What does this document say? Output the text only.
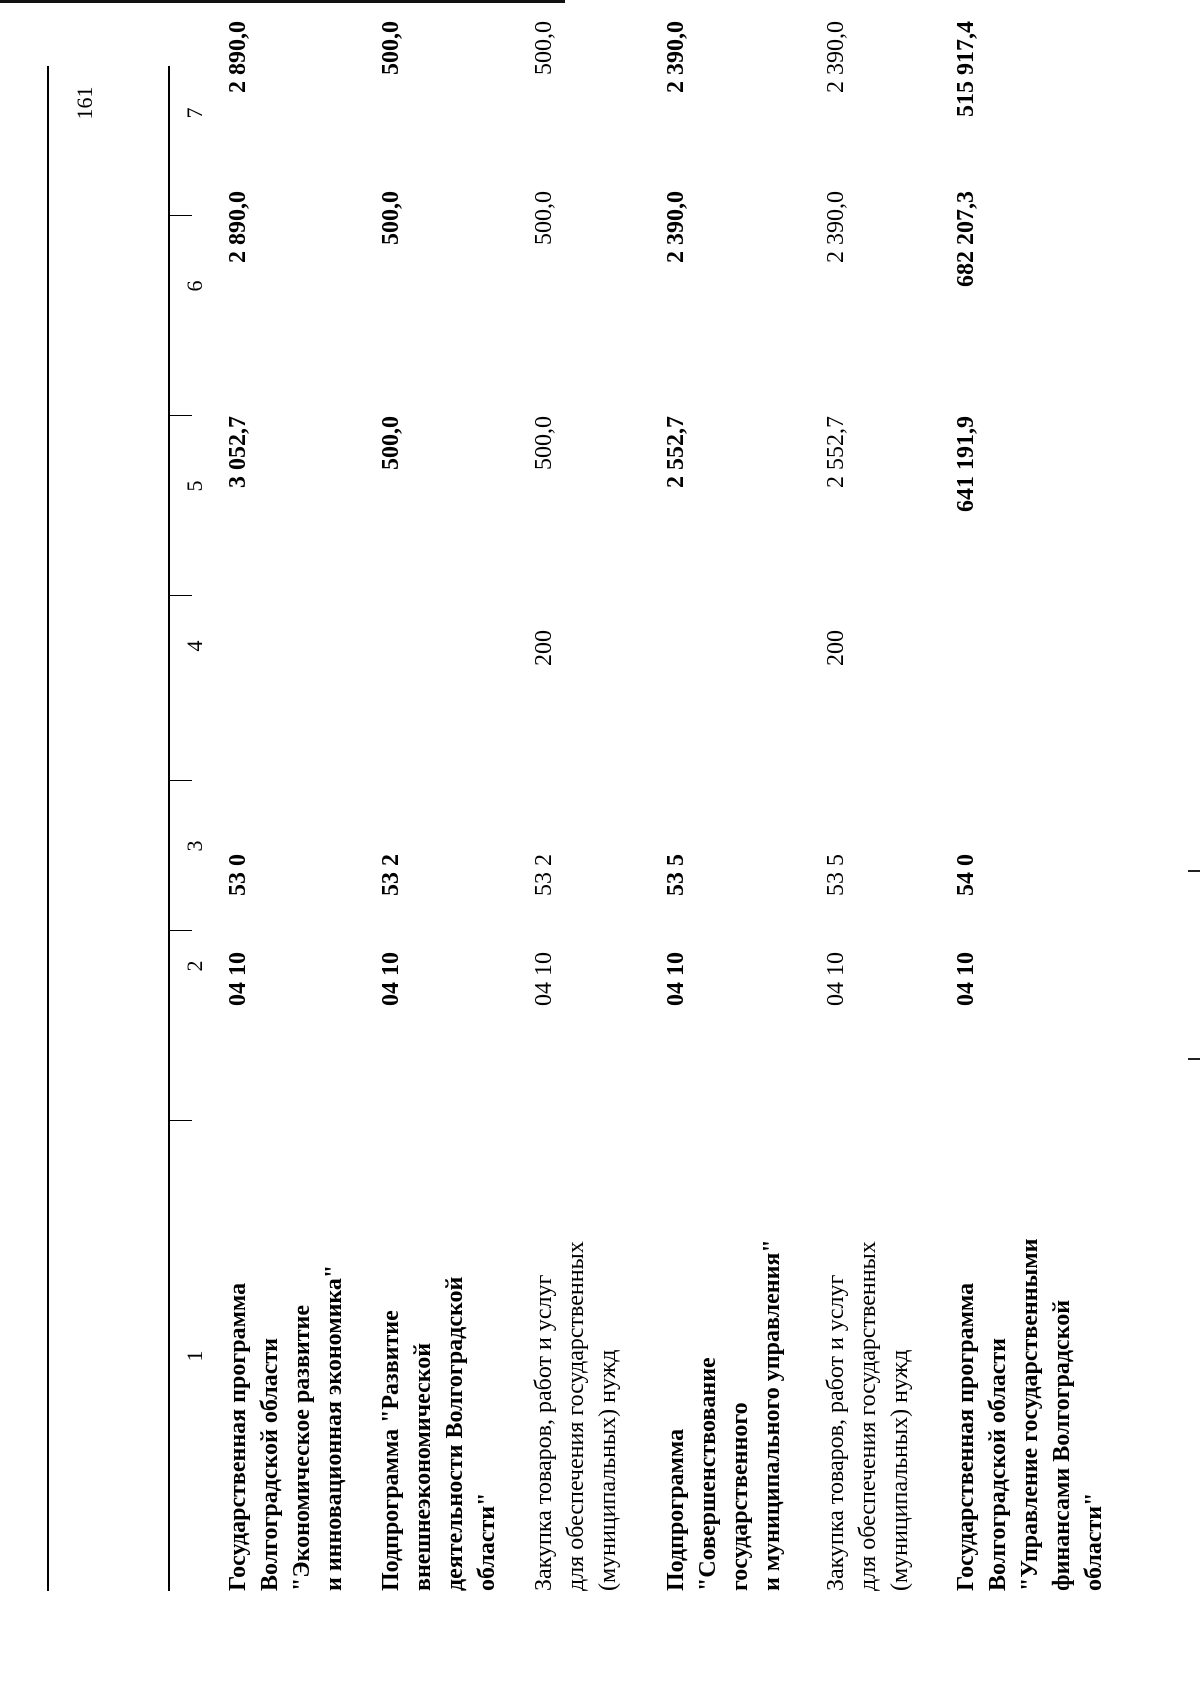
161
1
2
3
4
5
6
7
Государственная программа Волгоградской области "Экономическое развитие и инновационная экономика"
04 10
53 0
3 052,7
2 890,0
2 890,0
Подпрограмма "Развитие внешнеэкономической деятельности Волгоградской области"
04 10
53 2
500,0
500,0
500,0
Закупка товаров, работ и услуг для обеспечения государственных (муниципальных) нужд
04 10
53 2
200
500,0
500,0
500,0
Подпрограмма "Совершенствование государственного и муниципального управления"
04 10
53 5
2 552,7
2 390,0
2 390,0
Закупка товаров, работ и услуг для обеспечения государственных (муниципальных) нужд
04 10
53 5
200
2 552,7
2 390,0
2 390,0
Государственная программа Волгоградской области "Управление государственными финансами Волгоградской области"
04 10
54 0
641 191,9
682 207,3
515 917,4
